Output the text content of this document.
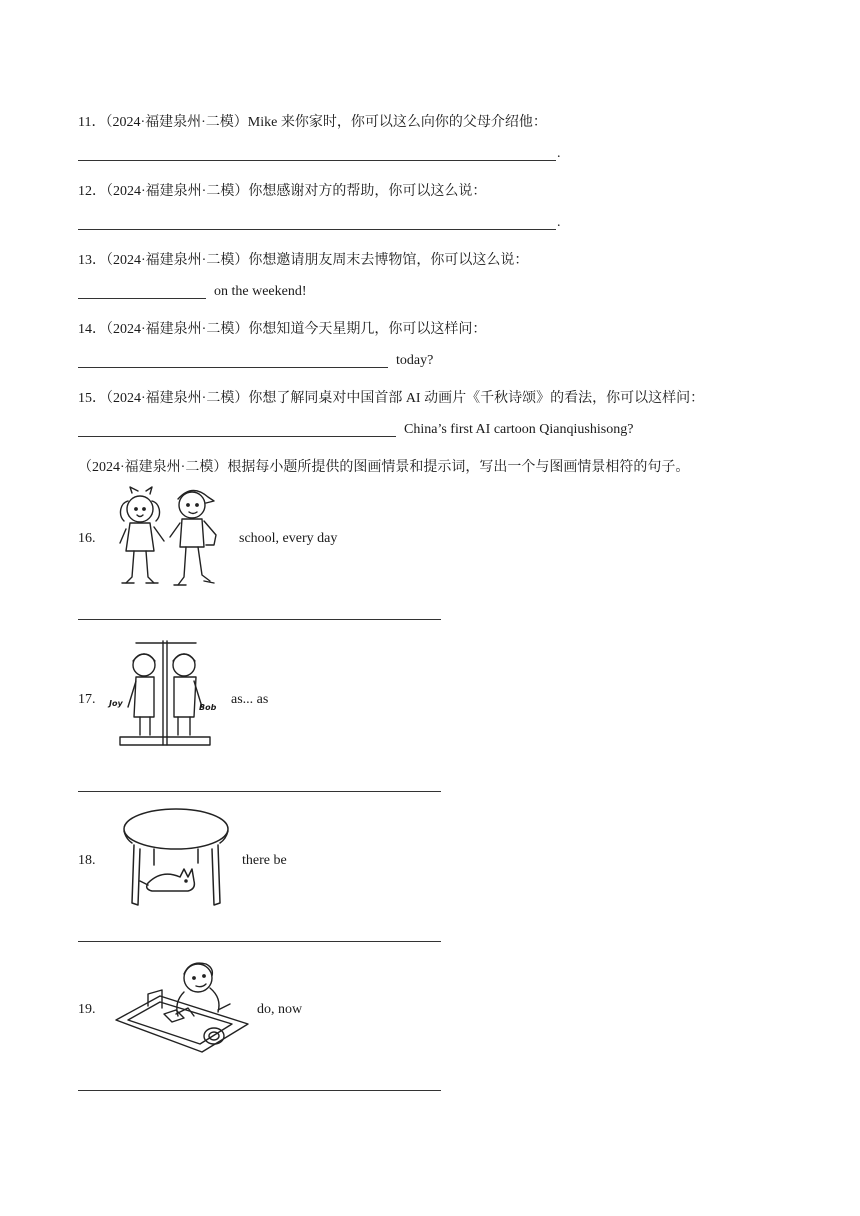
11．（2024·福建泉州·二模）Mike 来你家时，你可以这么向你的父母介绍他：
.
12．（2024·福建泉州·二模）你想感谢对方的帮助，你可以这么说：
.
13．（2024·福建泉州·二模）你想邀请朋友周末去博物馆，你可以这么说：
on the weekend!
14．（2024·福建泉州·二模）你想知道今天星期几，你可以这样问：
today?
15．（2024·福建泉州·二模）你想了解同桌对中国首部 AI 动画片《千秋诗颂》的看法，你可以这样问：
China’s first AI cartoon Qianqiushisong?
（2024·福建泉州·二模）根据每小题所提供的图画情景和提示词，写出一个与图画情景相符的句子。
16.	school, every day
17. Joy	Bob
as... as
18.	there be
19.	do, now
